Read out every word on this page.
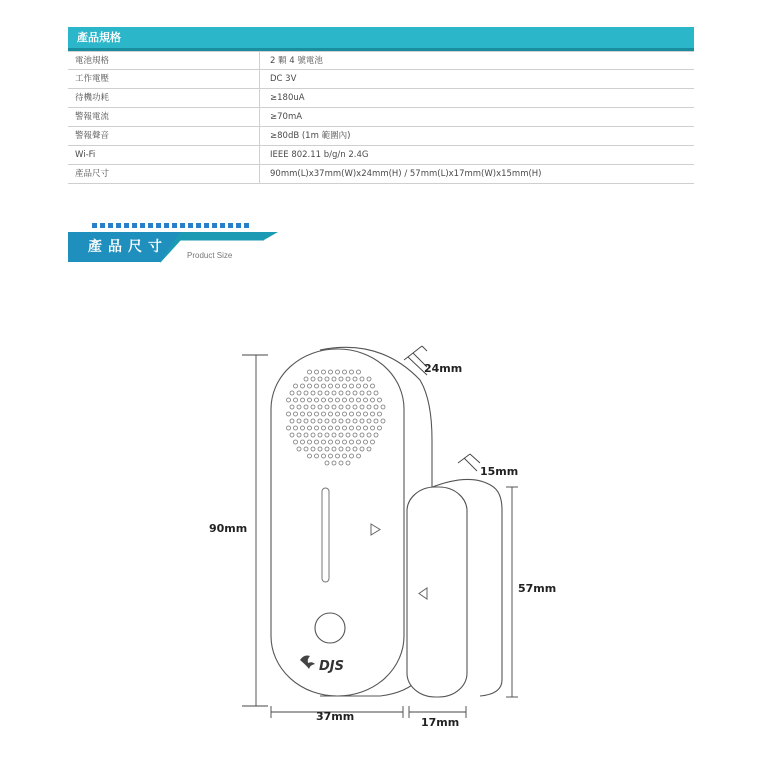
產品規格
電池規格	2 顆 4 號電池
工作電壓	DC 3V
待機功耗	≥180uA
警報電流	≥70mA
警報聲音	≥80dB (1m 範圍內)
Wi-Fi	IEEE 802.11 b/g/n 2.4G
產品尺寸	90mm(L)x37mm(W)x24mm(H) / 57mm(L)x17mm(W)x15mm(H)
產品尺寸
Product Size
DJS
90mm
37mm
24mm
57mm
17mm
15mm
